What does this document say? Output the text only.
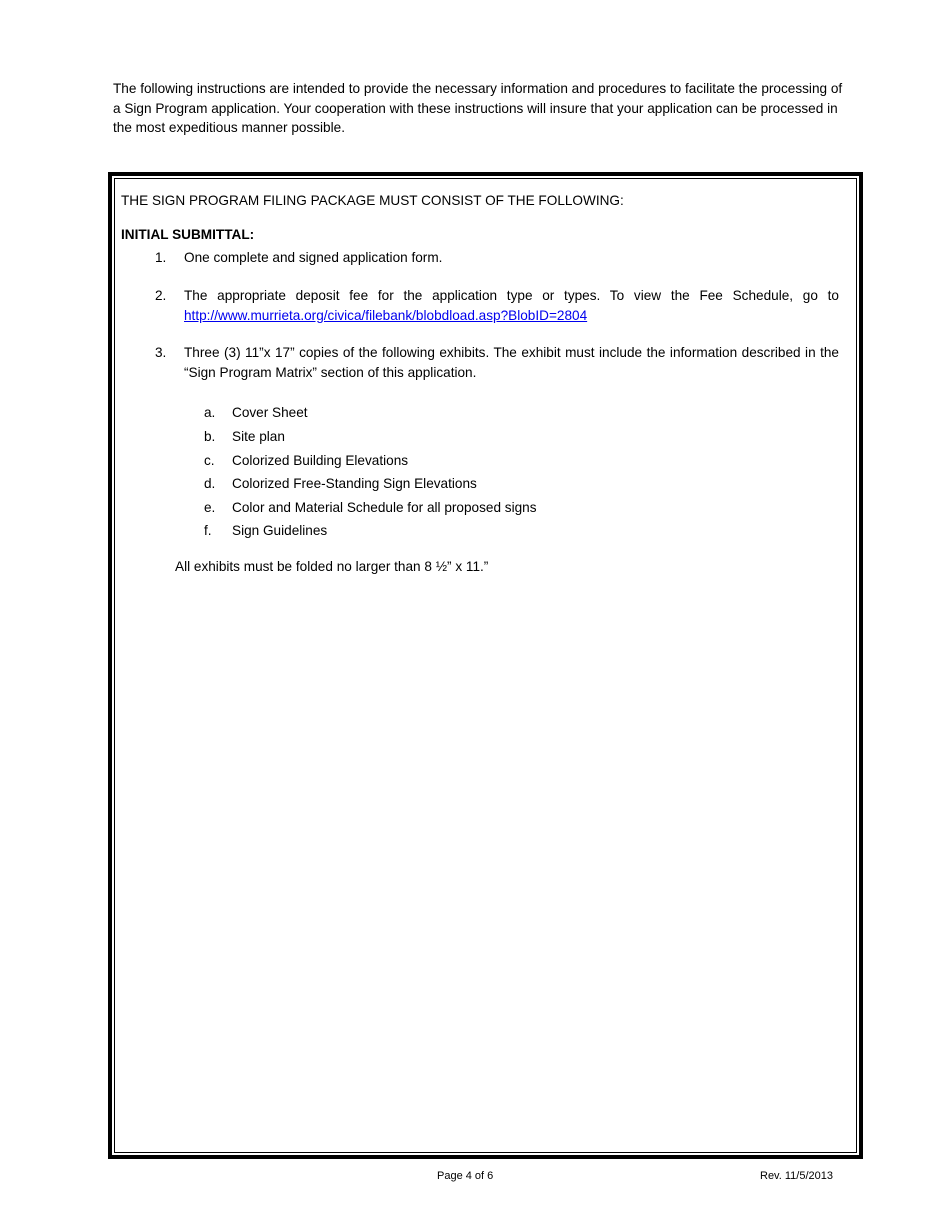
The following instructions are intended to provide the necessary information and procedures to facilitate the processing of a Sign Program application. Your cooperation with these instructions will insure that your application can be processed in the most expeditious manner possible.
THE SIGN PROGRAM FILING PACKAGE MUST CONSIST OF THE FOLLOWING:
INITIAL SUBMITTAL:
1.	One complete and signed application form.
2.	The appropriate deposit fee for the application type or types. To view the Fee Schedule, go to http://www.murrieta.org/civica/filebank/blobdload.asp?BlobID=2804
3.	Three (3) 11”x 17” copies of the following exhibits. The exhibit must include the information described in the “Sign Program Matrix” section of this application.
a. Cover Sheet
b. Site plan
c. Colorized Building Elevations
d. Colorized Free-Standing Sign Elevations
e. Color and Material Schedule for all proposed signs
f. Sign Guidelines
All exhibits must be folded no larger than 8 ½” x 11.”
Page 4 of 6	Rev. 11/5/2013
